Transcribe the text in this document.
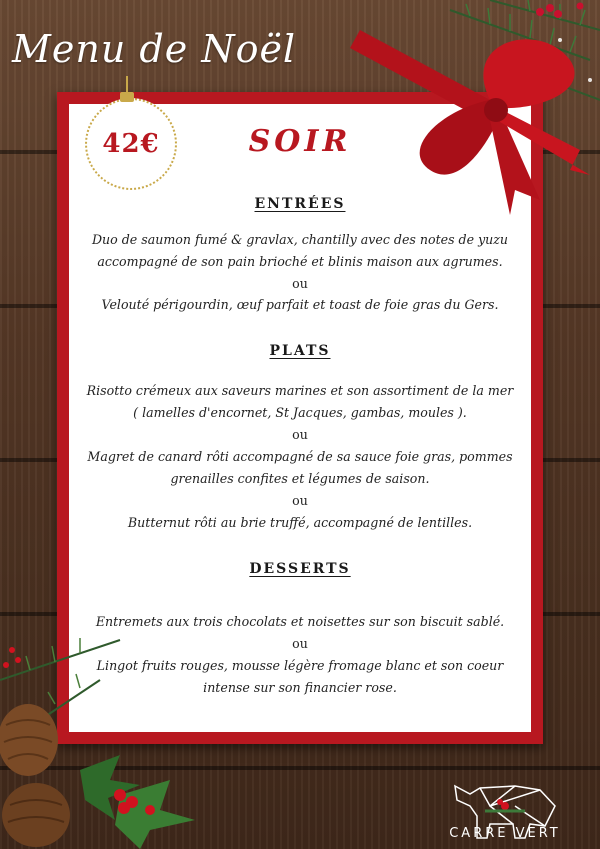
Menu de Noël
42€	SOIR
ENTRÉES
Duo de saumon fumé & gravlax, chantilly avec des notes de yuzu
accompagné de son pain brioché et blinis maison aux agrumes.
ou
Velouté périgourdin, œuf parfait et toast de foie gras du Gers.
PLATS
Risotto crémeux aux saveurs marines et son assortiment de la mer
( lamelles d'encornet, St Jacques, gambas, moules ).
ou
Magret de canard rôti accompagné de sa sauce foie gras, pommes
grenailles confites et légumes de saison.
ou
Butternut rôti au brie truffé, accompagné de lentilles.
DESSERTS
Entremets aux trois chocolats et noisettes sur son biscuit sablé.
ou
Lingot fruits rouges, mousse légère fromage blanc et son coeur
intense sur son financier rose.
CARRE VERT
